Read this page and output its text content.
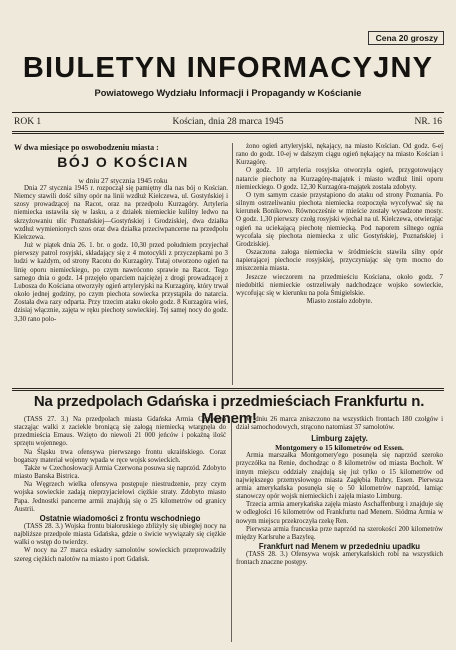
Cena 20 groszy
BIULETYN INFORMACYJNY
Powiatowego Wydziału Informacji i Propagandy w Kościanie
ROK 1	Kościan, dnia 28 marca 1945	NR. 16
W dwa miesiące po oswobodzeniu miasta :
BÓJ O KOŚCIAN
w dniu 27 stycznia 1945 roku

Dnia 27 stycznia 1945 r. rozpoczął się pamiętny dla nas bój o Kościan. Niemcy stawili dość silny opór na linii wzdłuż Kiełczewa, ul. Gostyńskiej i szosy prowadzącej na Racot, oraz na przedpolu Kurzagóry. Artyleria niemiecka ustawiła się w lasku, a z działek niemieckie kuliłny ledwo na skrzyżowaniu ulic Poznańskiej—Gostyńskiej i Grodziskiej, dwa działka wzdłuż wymienionych szos oraz dwa działka przeciwpancerne na przedpolu Kiełczewa.

Już w piątek dnia 26. 1. br. o godz. 10,30 przed południem przyjechał pierwszy patrol rosyjski, składający się z 4 motocykli z przyczepkami po 3 ludzi w każdym, od strony Racotu do Kurzagóry. Tutaj otworzono ogień na linię oporu niemieckiego, po czym nawrócono sprawie na Racot. Tego samego dnia o godz. 14 przejęło oparciem najciężej z drogi prowadzącej z Lubosza do Kościana otworzyły ogień artyleryjski na Kurzagórę, który trwał około jednej godziny, po czym piechota sowiecka przystąpiła do natarcia. Została dwa razy odparta. Przy trzecim ataku około godz. 8 Kurzagóra wieś, dzisiaj włącznie, zajęta w ręku piechoty sowieckiej. Tej samej nocy do godz. 3,30 rano polo-

żono ogień artyleryjski, nękający, na miasto Kościan. Od godz. 6-ej rano do godz. 10-ej w dalszym ciągu ogień nękający na miasto Kościan i Kurzagórę.

O godz. 10 artyleria rosyjska otworzyła ogień, przygotowujący natarcie piechoty na Kurzagórę-majątek i miasto wzdłuż linii oporu niemieckiego. O godz. 12,30 Kurzagóra-majątek została zdobyty.

O tym samym czasie przystąpiono do ataku od strony Poznania. Po silnym ostrzeliwaniu piechota niemiecka rozpoczęła wycofywać się na kierunek Bonikowo. Równocześnie w mieście zostały wysadzone mosty. O godz. 1,30 pierwszy czołg rosyjski wjechał na ul. Kiełczewa, otwierając ogień na uciekającą piechotę niemiecką. Pod naporem silnego ognia wycofała się piechota niemiecka z ulic Gostyńskiej, Poznańskiej i Grodziskiej.

Oszaczona załoga niemiecka w śródmieściu stawiła silny opór napierającej piechocie rosyjskiej, przyczyniając się tym mocno do zniszczenia miasta.

Jeszcze wieczorem na przedmieściu Kościana, około godz. 7 niedobitki niemieckie ostrzeliwały nadchodzące wojsko sowieckie, wycofując się w kierunku na pola Śmigielskie.

Miasto zostało zdobyte.

Na przedpolach Gdańska i przedmieściach Frankfurtu n. Menem!

(TASS 27. 3.) Na przedpolach miasta Gdańska Armia Czerwona stacząjąc walki z zaciekle broniącą się załogą niemiecką wtargnęła do przedmieścia Emaus. Wzięto do niewoli 21 000 jeńców i pokaźną ilość sprzętu wojennego.

Na Śląsku trwa ofensywa pierwszego frontu ukraińskiego. Coraz bogatszy materiał wojenny wpada w ręce wojsk sowieckich.

Także w Czechosłowacji Armia Czerwona posuwa się naprzód. Zdobyto miasto Banska Bistrica.

Na Węgrzech wielka ofensywa postępuje niestrudzenie, przy czym wojska sowieckie zadają nieprzyjacielowi ciężkie straty. Zdobyto miasto Papa. Jednostki pancerne armii znajdują się o 25 kilometrów od granicy Austrii.

Ostatnie wiadomości z frontu wschodniego

(TASS 28. 3.) Wojska frontu białoruskiego zbliżyły się ubiegłej nocy na najbliższe przedpole miasta Gdańska, gdzie o świcie wywiązały się ciężkie walki o wstęp do twierdzy.

W nocy na 27 marca eskadry samolotów sowieckich przeprowadziły szereg ciężkich nalotów na miasto i port Gdańsk.

W dniu 26 marca zniszczono na wszystkich frontach 180 czołgów i dział samochodowych, strącono natomiast 37 samolotów.

Limburg zajęty.

Montgomery o 15 kilometrów od Essen.

Armia marszałka Montgomery'ego posunęła się naprzód szeroko przyczółka na Renie, dochodząc o 8 kilometrów od miasta Bocholt. W innym miejscu oddziały znajdują się już tylko o 15 kilometrów od największego przemysłowego miasta Zagłębia Ruhry, Essen. Pierwsza armia amerykańska posunęła się o 50 kilometrów naprzód, łamiąc stanowczy opór wojsk niemieckich i zajęła miasto Limburg.

Trzecia armia amerykańska zajęła miasto Aschaffenburg i znajduje się w odległości 16 kilometrów od Frankfurtu nad Menem. Siódma Armia w nowym miejscu przekroczyła rzekę Ren.

Pierwsza armia francuska prze naprzód na szerokości 200 kilometrów między Karlsruhe a Bazyleą.

Frankfurt nad Menem w przededniu upadku

(TASS 28. 3.) Ofensywa wojsk amerykańskich robi na wszystkich frontach znaczne postępy.
